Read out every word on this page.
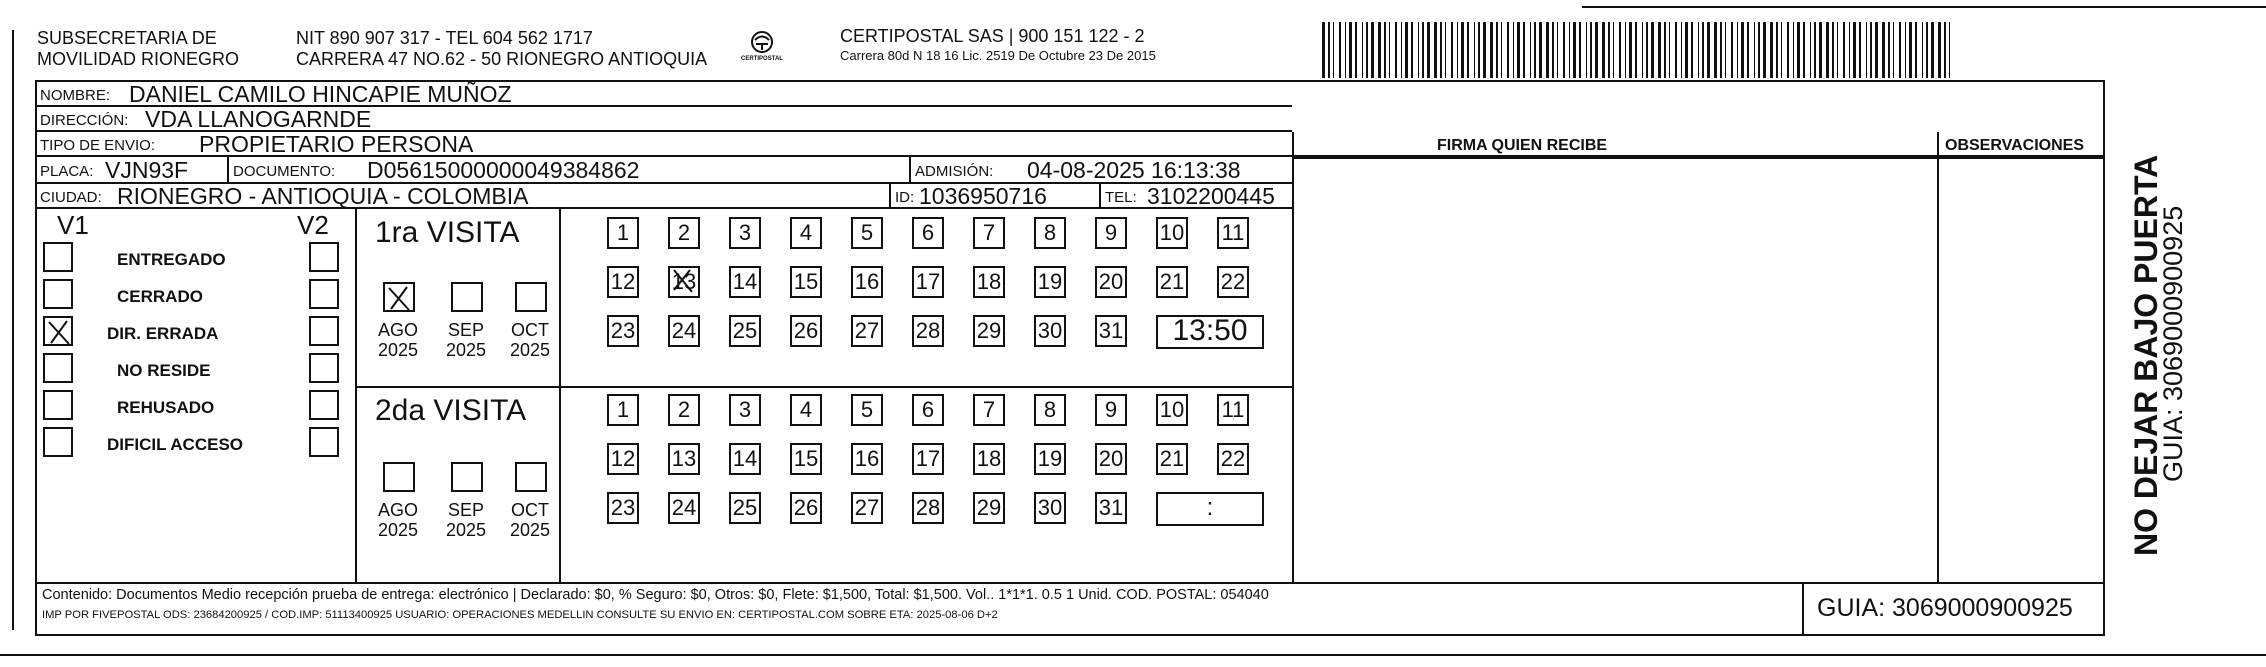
SUBSECRETARIA DE
MOVILIDAD RIONEGRO
NIT 890 907 317 - TEL 604 562 1717
CARRERA 47 NO.62 - 50 RIONEGRO ANTIOQUIA	CERTIPOSTAL
CERTIPOSTAL SAS | 900 151 122 - 2
Carrera 80d N 18 16 Lic. 2519 De Octubre 23 De 2015
NOMBRE: DANIEL CAMILO HINCAPIE MUÑOZ
DIRECCIÓN: VDA LLANOGARNDE
TIPO DE ENVIO: PROPIETARIO PERSONA	FIRMA QUIEN RECIBE	OBSERVACIONES
PLACA: VJN93F	DOCUMENTO: D05615000000049384862	ADMISIÓN: 04-08-2025 16:13:38
CIUDAD: RIONEGRO - ANTIOQUIA - COLOMBIA	ID: 1036950716	TEL: 3102200445
V1	V2
ENTREGADO
CERRADO
DIR. ERRADA
NO RESIDE
REHUSADO
DIFICIL ACCESO
1ra VISITA
AGO
2025
SEP
2025
OCT
2025
1	2	3	4	5	6	7	8	9	10 11
12 13 14 15 16 17 18 19 20 21 22
23 24 25 26 27 28 29 30 31	13:50
2da VISITA
AGO
2025
SEP
2025
OCT
2025
1	2	3	4	5	6	7	8	9	10 11
12 13 14 15 16 17 18 19 20 21 22
23 24 25 26 27 28 29 30 31	:
Contenido: Documentos Medio recepción prueba de entrega: electrónico | Declarado: $0, % Seguro: $0, Otros: $0, Flete: $1,500, Total: $1,500. Vol.. 1*1*1. 0.5 1 Unid. COD. POSTAL: 054040
IMP POR FIVEPOSTAL ODS: 23684200925 / COD.IMP: 51113400925 USUARIO: OPERACIONES MEDELLIN CONSULTE SU ENVIO EN: CERTIPOSTAL.COM SOBRE ETA: 2025-08-06 D+2	GUIA: 3069000900925
NO DEJAR BAJO PUERTA
GUIA: 3069000900925
